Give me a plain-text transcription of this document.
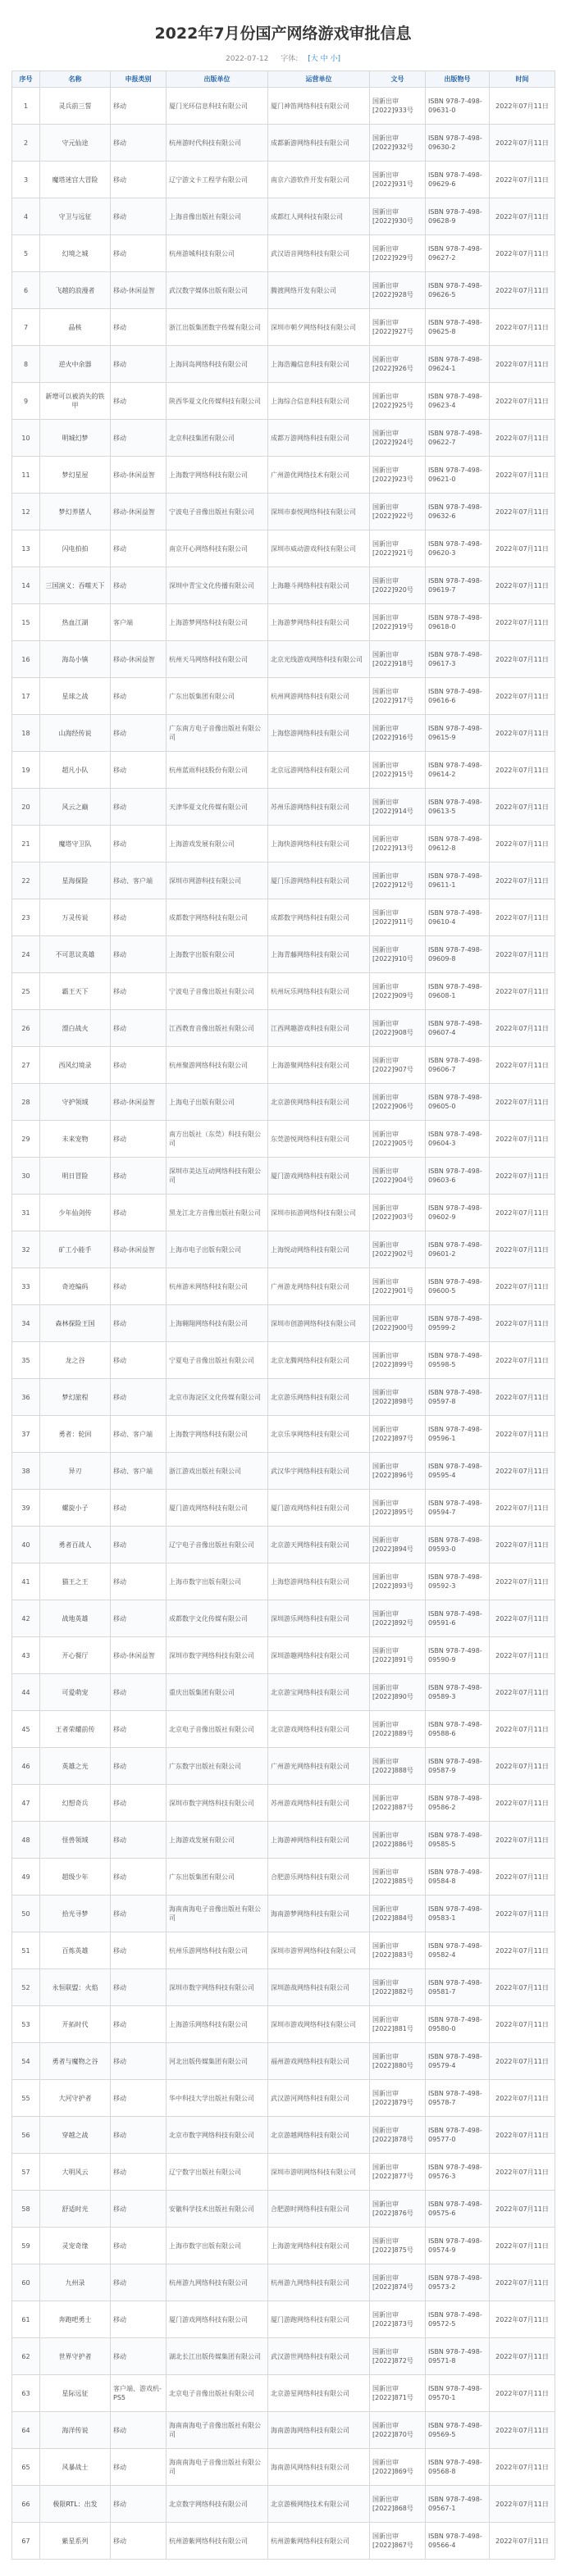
2022年7月份国产网络游戏审批信息
2022-07-12 字体: [大 中 小]
序号	名称	申报类别	出版单位	运营单位	文号	出版物号	时间
1	灵兵前三誓	移动	厦门光环信息科技有限公司	厦门神笛网络科技有限公司	国新出审[2022]933号	ISBN 978-7-498-09631-0	2022年07月11日
2	守元仙途	移动	杭州游时代科技有限公司	成都新游网络科技有限公司	国新出审[2022]932号	ISBN 978-7-498-09630-2	2022年07月11日
3	魔塔迷宫大冒险	移动	辽宁游文卡工程学有限公司	南京六游软件开发有限公司	国新出审[2022]931号	ISBN 978-7-498-09629-6	2022年07月11日
4	守卫与远征	移动	上海音像出版社有限公司	成都红人网科技有限公司	国新出审[2022]930号	ISBN 978-7-498-09628-9	2022年07月11日
5	幻境之城	移动	杭州游城科技有限公司	武汉语音网络科技有限公司	国新出审[2022]929号	ISBN 978-7-498-09627-2	2022年07月11日
6	飞越的浪漫者	移动-休闲益智	武汉数字媒体出版有限公司	腾渡网络开发有限公司	国新出审[2022]928号	ISBN 978-7-498-09626-5	2022年07月11日
7	晶核	移动	浙江出版集团数字传媒有限公司	深圳市朝夕网络科技有限公司	国新出审[2022]927号	ISBN 978-7-498-09625-8	2022年07月11日
8	逆火中余器	移动	上海同岛网络科技有限公司	上海浩瀚信息科技有限公司	国新出审[2022]926号	ISBN 978-7-498-09624-1	2022年07月11日
9	新增可以被消失的铁甲	移动	陕西华夏文化传媒科技有限公司	上海综合信息科技有限公司	国新出审[2022]925号	ISBN 978-7-498-09623-4	2022年07月11日
10	明城幻梦	移动	北京科技集团有限公司	成都万游网络科技有限公司	国新出审[2022]924号	ISBN 978-7-498-09622-7	2022年07月11日
11	梦幻星屋	移动-休闲益智	上海数字网络科技有限公司	广州游优网络技术有限公司	国新出审[2022]923号	ISBN 978-7-498-09621-0	2022年07月11日
12	梦幻养猪人	移动-休闲益智	宁波电子音像出版社有限公司	深圳市泰悦网络科技有限公司	国新出审[2022]922号	ISBN 978-7-498-09632-6	2022年07月11日
13	闪电拍拍	移动	南京开心网络科技有限公司	深圳市威动游戏科技有限公司	国新出审[2022]921号	ISBN 978-7-498-09620-3	2022年07月11日
14	三国演义：吞噬天下	移动	深圳中青宝文化传播有限公司	上海趣斗网络科技有限公司	国新出审[2022]920号	ISBN 978-7-498-09619-7	2022年07月11日
15	热血江湖	客户端	上海游梦网络科技有限公司	上海游梦网络科技有限公司	国新出审[2022]919号	ISBN 978-7-498-09618-0	2022年07月11日
16	海岛小镇	移动-休闲益智	杭州天马网络科技有限公司	北京光线游戏网络科技有限公司	国新出审[2022]918号	ISBN 978-7-498-09617-3	2022年07月11日
17	星球之战	移动	广东出版集团有限公司	杭州网游网络科技有限公司	国新出审[2022]917号	ISBN 978-7-498-09616-6	2022年07月11日
18	山海经传说	移动	广东南方电子音像出版社有限公司	上海悠游网络科技有限公司	国新出审[2022]916号	ISBN 978-7-498-09615-9	2022年07月11日
19	超凡小队	移动	杭州蓝雨科技股份有限公司	北京远游网络科技有限公司	国新出审[2022]915号	ISBN 978-7-498-09614-2	2022年07月11日
20	风云之巅	移动	天津华夏文化传媒有限公司	苏州乐游网络科技有限公司	国新出审[2022]914号	ISBN 978-7-498-09613-5	2022年07月11日
21	魔塔守卫队	移动	上海游戏发展有限公司	上海快游网络科技有限公司	国新出审[2022]913号	ISBN 978-7-498-09612-8	2022年07月11日
22	星海探险	移动、客户端	深圳市网游科技有限公司	厦门乐游网络科技有限公司	国新出审[2022]912号	ISBN 978-7-498-09611-1	2022年07月11日
23	万灵传说	移动	成都数字网络科技有限公司	成都数字网络科技有限公司	国新出审[2022]911号	ISBN 978-7-498-09610-4	2022年07月11日
24	不可思议英雄	移动	上海数字出版有限公司	上海青藤网络科技有限公司	国新出审[2022]910号	ISBN 978-7-498-09609-8	2022年07月11日
25	霸王天下	移动	宁波电子音像出版社有限公司	杭州玩乐网络科技有限公司	国新出审[2022]909号	ISBN 978-7-498-09608-1	2022年07月11日
26	漂白战火	移动	江西教育音像出版社有限公司	江西网趣游戏科技有限公司	国新出审[2022]908号	ISBN 978-7-498-09607-4	2022年07月11日
27	西风幻境录	移动	杭州聚游网络科技有限公司	上海游聚网络科技有限公司	国新出审[2022]907号	ISBN 978-7-498-09606-7	2022年07月11日
28	守护领域	移动-休闲益智	上海电子出版有限公司	北京游侠网络科技有限公司	国新出审[2022]906号	ISBN 978-7-498-09605-0	2022年07月11日
29	未来宠物	移动	南方出版社（东莞）科技有限公司	东莞游悦网络科技有限公司	国新出审[2022]905号	ISBN 978-7-498-09604-3	2022年07月11日
30	明日冒险	移动	深圳市美达互动网络科技有限公司	厦门游戏网络科技有限公司	国新出审[2022]904号	ISBN 978-7-498-09603-6	2022年07月11日
31	少年仙剑传	移动	黑龙江北方音像出版社有限公司	深圳市拓游网络科技有限公司	国新出审[2022]903号	ISBN 978-7-498-09602-9	2022年07月11日
32	矿工小能手	移动-休闲益智	上海市电子出版有限公司	上海悦动网络科技有限公司	国新出审[2022]902号	ISBN 978-7-498-09601-2	2022年07月11日
33	奇迹编码	移动	杭州游米网络科技有限公司	广州游龙网络科技有限公司	国新出审[2022]901号	ISBN 978-7-498-09600-5	2022年07月11日
34	森林探险王国	移动	上海翱翔网络科技有限公司	深圳市创游网络科技有限公司	国新出审[2022]900号	ISBN 978-7-498-09599-2	2022年07月11日
35	龙之谷	移动	宁夏电子音像出版社有限公司	北京龙腾网络科技有限公司	国新出审[2022]899号	ISBN 978-7-498-09598-5	2022年07月11日
36	梦幻旅程	移动	北京市海淀区文化传媒有限公司	北京游乐网络科技有限公司	国新出审[2022]898号	ISBN 978-7-498-09597-8	2022年07月11日
37	勇者：轮回	移动、客户端	上海数字网络科技有限公司	北京乐享网络科技有限公司	国新出审[2022]897号	ISBN 978-7-498-09596-1	2022年07月11日
38	异刃	移动、客户端	浙江游戏出版社有限公司	武汉华宇网络科技有限公司	国新出审[2022]896号	ISBN 978-7-498-09595-4	2022年07月11日
39	螺旋小子	移动	厦门游戏网络科技有限公司	厦门游戏网络科技有限公司	国新出审[2022]895号	ISBN 978-7-498-09594-7	2022年07月11日
40	勇者百战人	移动	辽宁电子音像出版社有限公司	北京游天网络科技有限公司	国新出审[2022]894号	ISBN 978-7-498-09593-0	2022年07月11日
41	猫王之王	移动	上海市数字出版有限公司	上海悠游网络科技有限公司	国新出审[2022]893号	ISBN 978-7-498-09592-3	2022年07月11日
42	战地英雄	移动	成都数字文化传媒有限公司	深圳游乐网络科技有限公司	国新出审[2022]892号	ISBN 978-7-498-09591-6	2022年07月11日
43	开心餐厅	移动-休闲益智	深圳市数字网络科技有限公司	深圳游趣网络科技有限公司	国新出审[2022]891号	ISBN 978-7-498-09590-9	2022年07月11日
44	可爱萌宠	移动	重庆出版集团有限公司	北京游宝网络科技有限公司	国新出审[2022]890号	ISBN 978-7-498-09589-3	2022年07月11日
45	王者荣耀前传	移动	北京电子音像出版社有限公司	北京游戏网络科技有限公司	国新出审[2022]889号	ISBN 978-7-498-09588-6	2022年07月11日
46	英雄之光	移动	广东数字出版社有限公司	广州游光网络科技有限公司	国新出审[2022]888号	ISBN 978-7-498-09587-9	2022年07月11日
47	幻想奇兵	移动	深圳市数字网络科技有限公司	苏州游戏网络科技有限公司	国新出审[2022]887号	ISBN 978-7-498-09586-2	2022年07月11日
48	怪兽领域	移动	上海游戏发展有限公司	上海游神网络科技有限公司	国新出审[2022]886号	ISBN 978-7-498-09585-5	2022年07月11日
49	超级少年	移动	广东出版集团有限公司	合肥游乐网络科技有限公司	国新出审[2022]885号	ISBN 978-7-498-09584-8	2022年07月11日
50	拾光寻梦	移动	海南南海电子音像出版社有限公司	海南游梦网络科技有限公司	国新出审[2022]884号	ISBN 978-7-498-09583-1	2022年07月11日
51	百炼英雄	移动	杭州乐游网络科技有限公司	深圳市游界网络科技有限公司	国新出审[2022]883号	ISBN 978-7-498-09582-4	2022年07月11日
52	永恒联盟：火焰	移动	深圳市数字网络科技有限公司	深圳游战网络科技有限公司	国新出审[2022]882号	ISBN 978-7-498-09581-7	2022年07月11日
53	开拓时代	移动	上海游乐网络科技有限公司	深圳市游戏网络科技有限公司	国新出审[2022]881号	ISBN 978-7-498-09580-0	2022年07月11日
54	勇者与魔物之谷	移动	河北出版传媒集团有限公司	福州游戏网络科技有限公司	国新出审[2022]880号	ISBN 978-7-498-09579-4	2022年07月11日
55	大河守护者	移动	华中科技大学出版社有限公司	武汉游河网络科技有限公司	国新出审[2022]879号	ISBN 978-7-498-09578-7	2022年07月11日
56	穿越之战	移动	北京市数字网络科技有限公司	北京游越网络科技有限公司	国新出审[2022]878号	ISBN 978-7-498-09577-0	2022年07月11日
57	大明风云	移动	辽宁数字出版社有限公司	深圳市游明网络科技有限公司	国新出审[2022]877号	ISBN 978-7-498-09576-3	2022年07月11日
58	舒适时光	移动	安徽科学技术出版社有限公司	合肥游时网络科技有限公司	国新出审[2022]876号	ISBN 978-7-498-09575-6	2022年07月11日
59	灵宠奇缘	移动	上海市数字出版有限公司	上海游宠网络科技有限公司	国新出审[2022]875号	ISBN 978-7-498-09574-9	2022年07月11日
60	九州录	移动	杭州游九网络科技有限公司	杭州游九网络科技有限公司	国新出审[2022]874号	ISBN 978-7-498-09573-2	2022年07月11日
61	奔跑吧勇士	移动	厦门游戏网络科技有限公司	厦门游跑网络科技有限公司	国新出审[2022]873号	ISBN 978-7-498-09572-5	2022年07月11日
62	世界守护者	移动	湖北长江出版传媒集团有限公司	武汉游世网络科技有限公司	国新出审[2022]872号	ISBN 978-7-498-09571-8	2022年07月11日
63	星际远征	客户端、游戏机-PS5	北京电子音像出版社有限公司	北京游星网络科技有限公司	国新出审[2022]871号	ISBN 978-7-498-09570-1	2022年07月11日
64	海洋传说	移动	海南南海电子音像出版社有限公司	海南游海网络科技有限公司	国新出审[2022]870号	ISBN 978-7-498-09569-5	2022年07月11日
65	风暴战士	移动	海南南海电子音像出版社有限公司	海南游风网络科技有限公司	国新出审[2022]869号	ISBN 978-7-498-09568-8	2022年07月11日
66	极限RTL：出发	移动	北京数字网络科技有限公司	北京游极网络技术有限公司	国新出审[2022]868号	ISBN 978-7-498-09567-1	2022年07月11日
67	紫星系列	移动	杭州游紫网络科技有限公司	杭州游紫网络科技有限公司	国新出审[2022]867号	ISBN 978-7-498-09566-4	2022年07月11日
